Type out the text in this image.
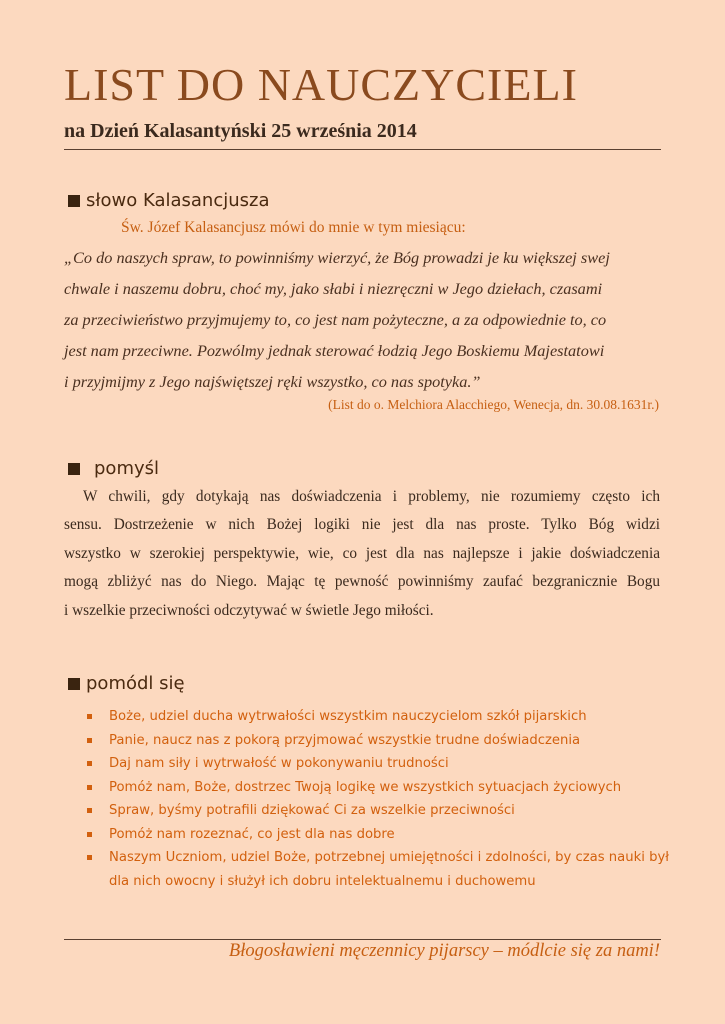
LIST DO NAUCZYCIELI
na Dzień Kalasantyński 25 września 2014
słowo Kalasancjusza
Św. Józef Kalasancjusz mówi do mnie w tym miesiącu:
„Co do naszych spraw, to powinniśmy wierzyć, że Bóg prowadzi je ku większej swej
chwale i naszemu dobru, choć my, jako słabi i niezręczni w Jego dziełach, czasami
za przeciwieństwo przyjmujemy to, co jest nam pożyteczne, a za odpowiednie to, co
jest nam przeciwne. Pozwólmy jednak sterować łodzią Jego Boskiemu Majestatowi
i przyjmijmy z Jego najświętszej ręki wszystko, co nas spotyka.”
(List do o. Melchiora Alacchiego, Wenecja, dn. 30.08.1631r.)
pomyśl
W chwili, gdy dotykają nas doświadczenia i problemy, nie rozumiemy często ich
sensu. Dostrzeżenie w nich Bożej logiki nie jest dla nas proste. Tylko Bóg widzi
wszystko w szerokiej perspektywie, wie, co jest dla nas najlepsze i jakie doświadczenia
mogą zbliżyć nas do Niego. Mając tę pewność powinniśmy zaufać bezgranicznie Bogu
i wszelkie przeciwności odczytywać w świetle Jego miłości.
pomódl się
Boże, udziel ducha wytrwałości wszystkim nauczycielom szkół pijarskich
Panie, naucz nas z pokorą przyjmować wszystkie trudne doświadczenia
Daj nam siły i wytrwałość w pokonywaniu trudności
Pomóż nam, Boże, dostrzec Twoją logikę we wszystkich sytuacjach życiowych
Spraw, byśmy potrafili dziękować Ci za wszelkie przeciwności
Pomóż nam rozeznać, co jest dla nas dobre
Naszym Uczniom, udziel Boże, potrzebnej umiejętności i zdolności, by czas nauki był
dla nich owocny i służył ich dobru intelektualnemu i duchowemu
Błogosławieni męczennicy pijarscy – módlcie się za nami!
